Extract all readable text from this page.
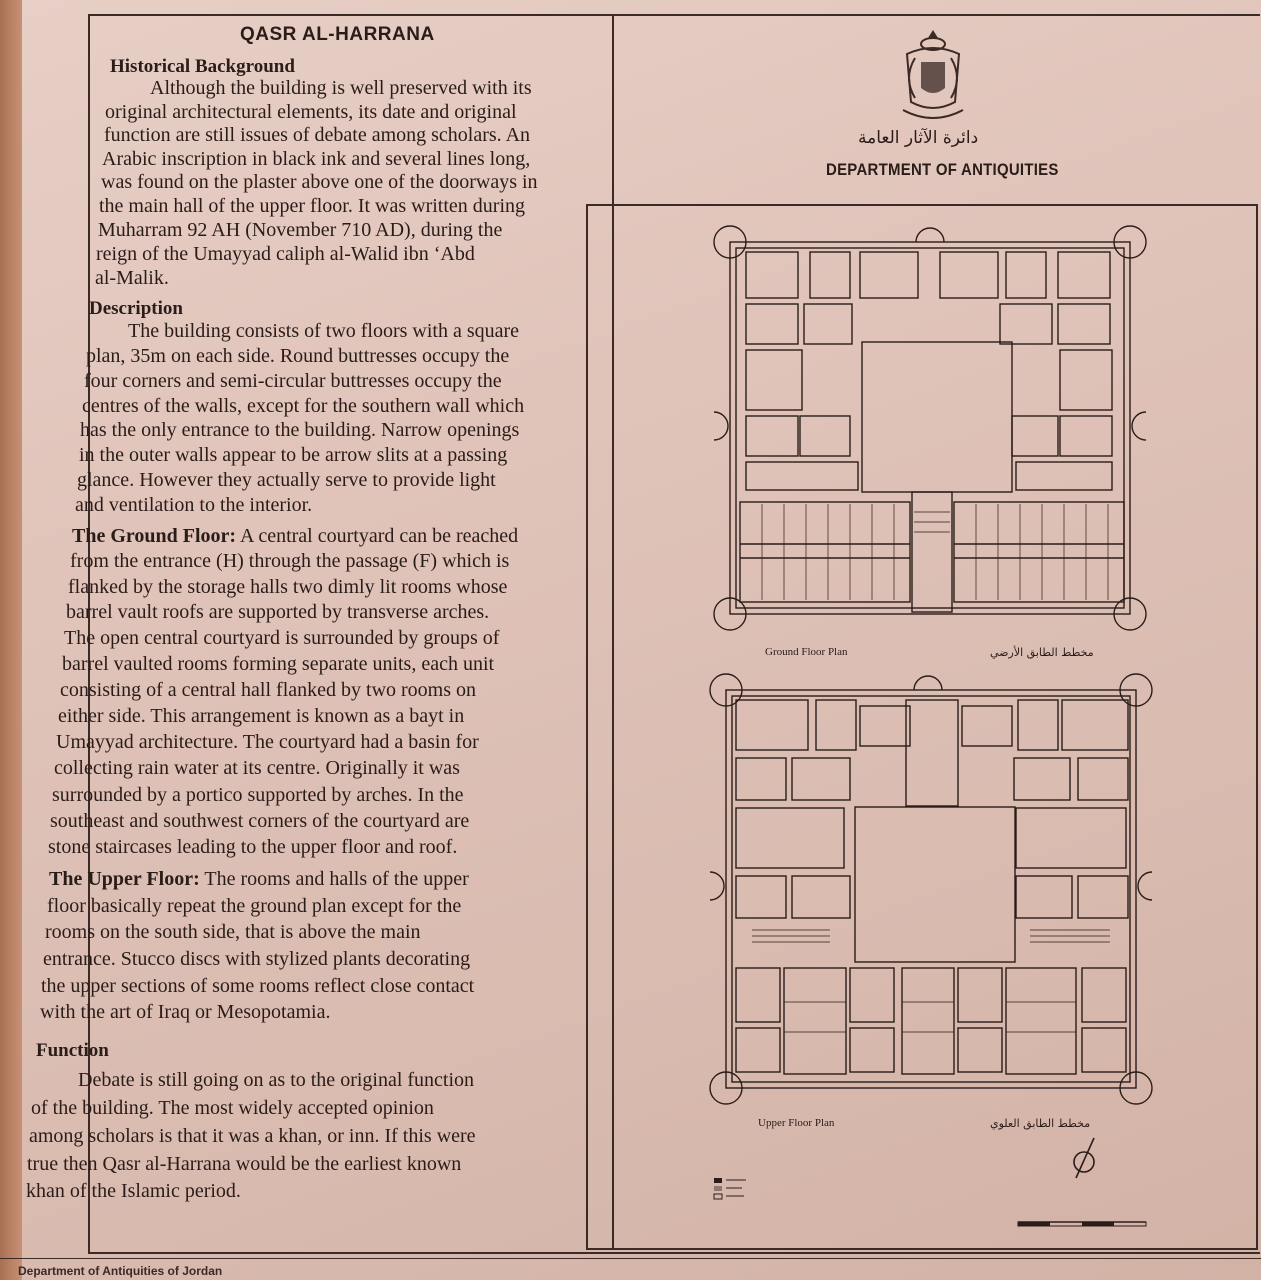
QASR AL-HARRANA
Historical Background

Although the building is well preserved with its

original architectural elements, its date and original

function are still issues of debate among scholars. An

Arabic inscription in black ink and several lines long,

was found on the plaster above one of the doorways in

the main hall of the upper floor. It was written during

Muharram 92 AH (November 710 AD), during the

reign of the Umayyad caliph al-Walid ibn ‘Abd

al-Malik.

Description

The building consists of two floors with a square

plan, 35m on each side. Round buttresses occupy the

four corners and semi-circular buttresses occupy the

centres of the walls, except for the southern wall which

has the only entrance to the building. Narrow openings

in the outer walls appear to be arrow slits at a passing

glance. However they actually serve to provide light

and ventilation to the interior.

The Ground Floor: A central courtyard can be reached

from the entrance (H) through the passage (F) which is

flanked by the storage halls two dimly lit rooms whose

barrel vault roofs are supported by transverse arches.

The open central courtyard is surrounded by groups of

barrel vaulted rooms forming separate units, each unit

consisting of a central hall flanked by two rooms on

either side. This arrangement is known as a bayt in

Umayyad architecture. The courtyard had a basin for

collecting rain water at its centre. Originally it was

surrounded by a portico supported by arches. In the

southeast and southwest corners of the courtyard are

stone staircases leading to the upper floor and roof.

The Upper Floor: The rooms and halls of the upper

floor basically repeat the ground plan except for the

rooms on the south side, that is above the main

entrance. Stucco discs with stylized plants decorating

the upper sections of some rooms reflect close contact

with the art of Iraq or Mesopotamia.

Function

Debate is still going on as to the original function

of the building. The most widely accepted opinion

among scholars is that it was a khan, or inn. If this were

true then Qasr al-Harrana would be the earliest known

khan of the Islamic period.

دائرة الآثار العامة
DEPARTMENT OF ANTIQUITIES
Ground Floor Plan	مخطط الطابق الأرضي
Upper Floor Plan	مخطط الطابق العلوي
Department of Antiquities of Jordan
